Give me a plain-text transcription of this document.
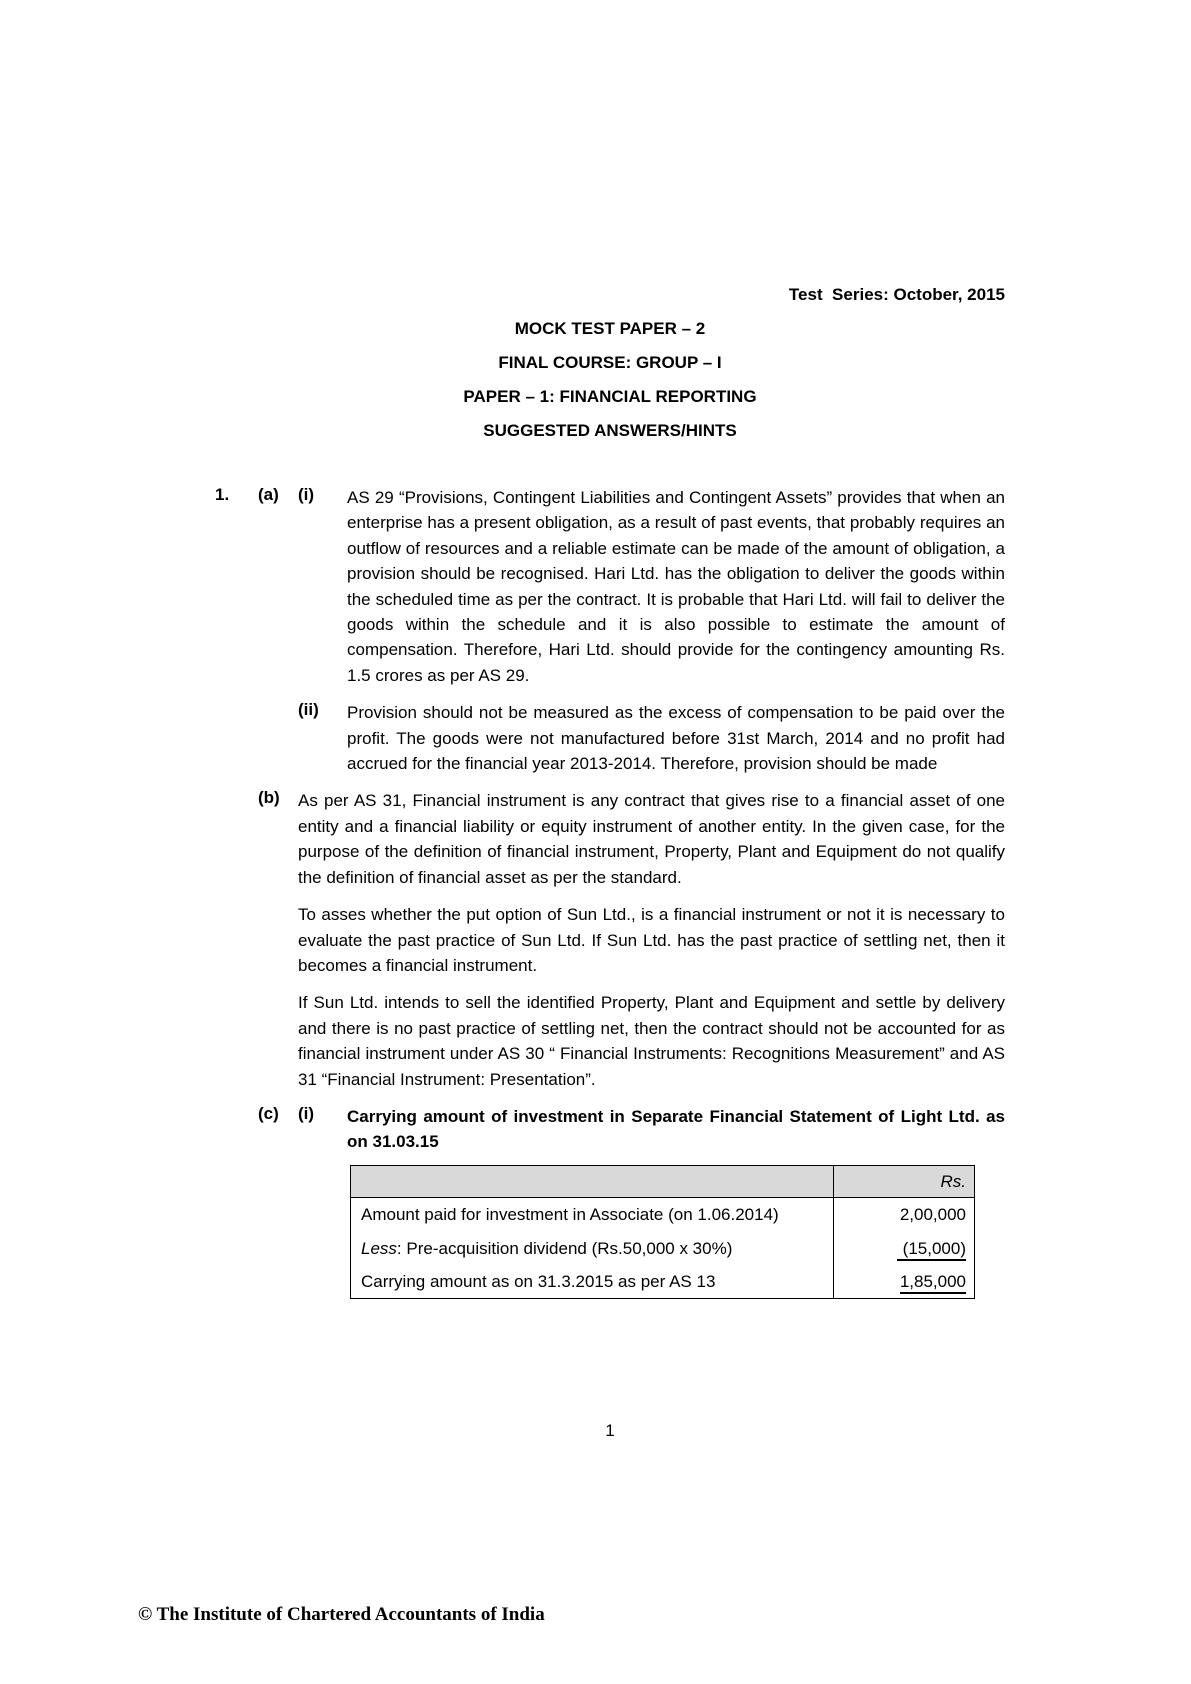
Test  Series: October, 2015
MOCK TEST PAPER – 2
FINAL COURSE: GROUP – I
PAPER – 1: FINANCIAL REPORTING
SUGGESTED ANSWERS/HINTS
1. (a) (i) AS 29 “Provisions, Contingent Liabilities and Contingent Assets” provides that when an enterprise has a present obligation, as a result of past events, that probably requires an outflow of resources and a reliable estimate can be made of the amount of obligation, a provision should be recognised. Hari Ltd. has the obligation to deliver the goods within the scheduled time as per the contract. It is probable that Hari Ltd. will fail to deliver the goods within the schedule and it is also possible to estimate the amount of compensation. Therefore, Hari Ltd. should provide for the contingency amounting Rs. 1.5 crores as per AS 29.

(ii) Provision should not be measured as the excess of compensation to be paid over the profit. The goods were not manufactured before 31st March, 2014 and no profit had accrued for the financial year 2013-2014. Therefore, provision should be made

(b) As per AS 31, Financial instrument is any contract that gives rise to a financial asset of one entity and a financial liability or equity instrument of another entity. In the given case, for the purpose of the definition of financial instrument, Property, Plant and Equipment do not qualify the definition of financial asset as per the standard.

To asses whether the put option of Sun Ltd., is a financial instrument or not it is necessary to evaluate the past practice of Sun Ltd. If Sun Ltd. has the past practice of settling net, then it becomes a financial instrument.

If Sun Ltd. intends to sell the identified Property, Plant and Equipment and settle by delivery and there is no past practice of settling net, then the contract should not be accounted for as financial instrument under AS 30 “ Financial Instruments: Recognitions Measurement” and AS 31 “Financial Instrument: Presentation”.

(c) (i) Carrying amount of investment in Separate Financial Statement of Light Ltd. as on 31.03.15

	Rs.
Amount paid for investment in Associate (on 1.06.2014)	2,00,000
Less: Pre-acquisition dividend (Rs.50,000 x 30%)	(15,000)
Carrying amount as on 31.3.2015 as per AS 13	1,85,000
1
© The Institute of Chartered Accountants of India
